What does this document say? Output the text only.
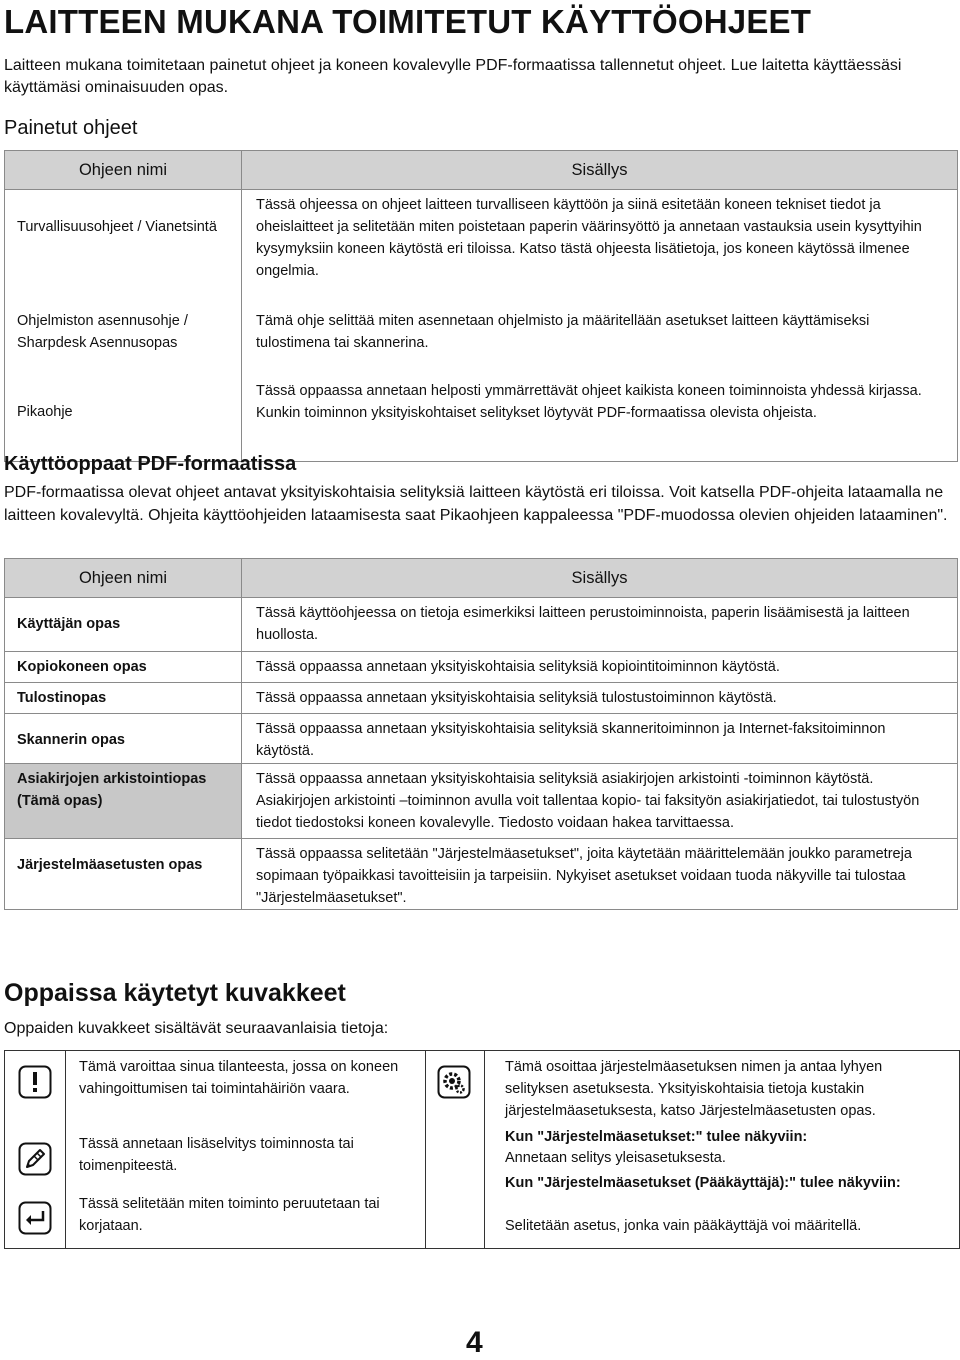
LAITTEEN MUKANA TOIMITETUT KÄYTTÖOHJEET

Laitteen mukana toimitetaan painetut ohjeet ja koneen kovalevylle PDF-formaatissa tallennetut ohjeet. Lue laitetta käyttäessäsi käyttämäsi ominaisuuden opas.

Painetut ohjeet
Ohjeen nimi	Sisällys
Turvallisuusohjeet / Vianetsintä	Tässä ohjeessa on ohjeet laitteen turvalliseen käyttöön ja siinä esitetään koneen tekniset tiedot ja oheislaitteet ja selitetään miten poistetaan paperin väärinsyöttö ja annetaan vastauksia usein kysyttyihin kysymyksiin koneen käytöstä eri tiloissa. Katso tästä ohjeesta lisätietoja, jos koneen käytössä ilmenee ongelmia.
Ohjelmiston asennusohje / Sharpdesk Asennusopas	Tämä ohje selittää miten asennetaan ohjelmisto ja määritellään asetukset laitteen käyttämiseksi tulostimena tai skannerina.
Pikaohje	Tässä oppaassa annetaan helposti ymmärrettävät ohjeet kaikista koneen toiminnoista yhdessä kirjassa.
Kunkin toiminnon yksityiskohtaiset selitykset löytyvät PDF-formaatissa olevista ohjeista.
Käyttöoppaat PDF-formaatissa

PDF-formaatissa olevat ohjeet antavat yksityiskohtaisia selityksiä laitteen käytöstä eri tiloissa. Voit katsella PDF-ohjeita lataamalla ne laitteen kovalevyltä. Ohjeita käyttöohjeiden lataamisesta saat Pikaohjeen kappaleessa "PDF-muodossa olevien ohjeiden lataaminen".

Ohjeen nimi	Sisällys
Käyttäjän opas	Tässä käyttöohjeessa on tietoja esimerkiksi laitteen perustoiminnoista, paperin lisäämisestä ja laitteen huollosta.
Kopiokoneen opas	Tässä oppaassa annetaan yksityiskohtaisia selityksiä kopiointitoiminnon käytöstä.
Tulostinopas	Tässä oppaassa annetaan yksityiskohtaisia selityksiä tulostustoiminnon käytöstä.
Skannerin opas	Tässä oppaassa annetaan yksityiskohtaisia selityksiä skanneritoiminnon ja Internet-faksitoiminnon käytöstä.
Asiakirjojen arkistointiopas (Tämä opas)	Tässä oppaassa annetaan yksityiskohtaisia selityksiä asiakirjojen arkistointi -toiminnon käytöstä. Asiakirjojen arkistointi –toiminnon avulla voit tallentaa kopio- tai faksityön asiakirjatiedot, tai tulostustyön tiedot tiedostoksi koneen kovalevylle. Tiedosto voidaan hakea tarvittaessa.
Järjestelmäasetusten opas	Tässä oppaassa selitetään "Järjestelmäasetukset", joita käytetään määrittelemään joukko parametreja sopimaan työpaikkasi tavoitteisiin ja tarpeisiin. Nykyiset asetukset voidaan tuoda näkyville tai tulostaa "Järjestelmäasetukset".
Oppaissa käytetyt kuvakkeet

Oppaiden kuvakkeet sisältävät seuraavanlaisia tietoja:

Tämä varoittaa sinua tilanteesta, jossa on koneen vahingoittumisen tai toimintahäiriön vaara.

Tässä annetaan lisäselvitys toiminnosta tai toimenpiteestä.

Tässä selitetään miten toiminto peruutetaan tai korjataan.

Tämä osoittaa järjestelmäasetuksen nimen ja antaa lyhyen selityksen asetuksesta. Yksityiskohtaisia tietoja kustakin järjestelmäasetuksesta, katso Järjestelmäasetusten opas.

Kun "Järjestelmäasetukset:" tulee näkyviin:

Annetaan selitys yleisasetuksesta.

Kun "Järjestelmäasetukset (Pääkäyttäjä):" tulee näkyviin:

Selitetään asetus, jonka vain pääkäyttäjä voi määritellä.

4
